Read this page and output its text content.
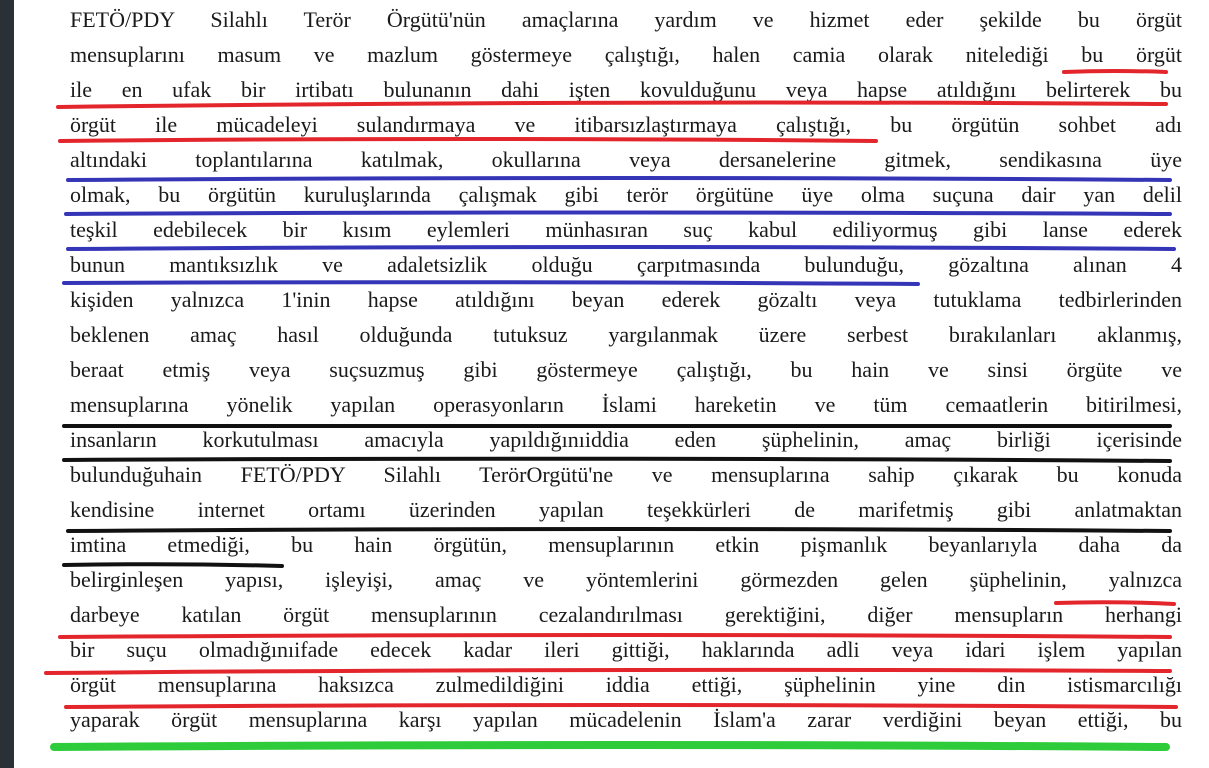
FETÖ/PDY Silahlı Terör Örgütü'nün amaçlarına yardım ve hizmet eder şekilde bu örgüt
mensuplarını masum ve mazlum göstermeye çalıştığı, halen camia olarak nitelediği bu örgüt
ile en ufak bir irtibatı bulunanın dahi işten kovulduğunu veya hapse atıldığını belirterek bu
örgüt ile mücadeleyi sulandırmaya ve itibarsızlaştırmaya çalıştığı, bu örgütün sohbet adı
altındaki toplantılarına katılmak, okullarına veya dersanelerine gitmek, sendikasına üye
olmak, bu örgütün kuruluşlarında çalışmak gibi terör örgütüne üye olma suçuna dair yan delil
teşkil edebilecek bir kısım eylemleri münhasıran suç kabul ediliyormuş gibi lanse ederek
bunun mantıksızlık ve adaletsizlik olduğu çarpıtmasında bulunduğu, gözaltına alınan 4
kişiden yalnızca 1'inin hapse atıldığını beyan ederek gözaltı veya tutuklama tedbirlerinden
beklenen amaç hasıl olduğunda tutuksuz yargılanmak üzere serbest bırakılanları aklanmış,
beraat etmiş veya suçsuzmuş gibi göstermeye çalıştığı, bu hain ve sinsi örgüte ve
mensuplarına yönelik yapılan operasyonların İslami hareketin ve tüm cemaatlerin bitirilmesi,
insanların korkutulması amacıyla yapıldığınıiddia eden şüphelinin, amaç birliği içerisinde
bulunduğuhain FETÖ/PDY Silahlı TerörOrgütü'ne ve mensuplarına sahip çıkarak bu konuda
kendisine internet ortamı üzerinden yapılan teşekkürleri de marifetmiş gibi anlatmaktan
imtina etmediği, bu hain örgütün, mensuplarının etkin pişmanlık beyanlarıyla daha da
belirginleşen yapısı, işleyişi, amaç ve yöntemlerini görmezden gelen şüphelinin, yalnızca
darbeye katılan örgüt mensuplarının cezalandırılması gerektiğini, diğer mensupların herhangi
bir suçu olmadığınıifade edecek kadar ileri gittiği, haklarında adli veya idari işlem yapılan
örgüt mensuplarına haksızca zulmedildiğini iddia ettiği, şüphelinin yine din istismarcılığı
yaparak örgüt mensuplarına karşı yapılan mücadelenin İslam'a zarar verdiğini beyan ettiği, bu
